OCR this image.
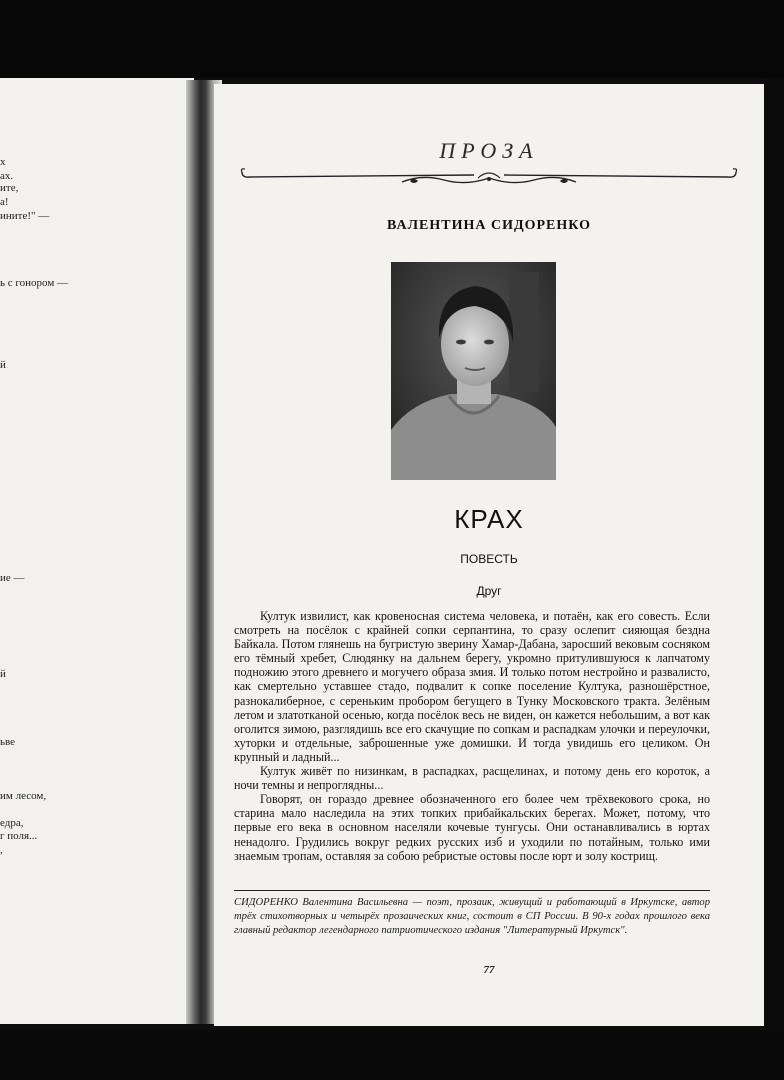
х

ах.

ите,

а!

ините!" —

ь с гонором —

й

ие —

й

ьве

им лесом,

едра,

г поля...

,

ПРОЗА
ВАЛЕНТИНА СИДОРЕНКО
КРАХ

ПОВЕСТЬ

Друг

Култук извилист, как кровеносная система человека, и потаён, как его совесть. Если смотреть на посёлок с крайней сопки серпантина, то сразу ослепит сияющая бездна Байкала. Потом глянешь на бугристую зверину Хамар-Дабана, заросший вековым сосняком его тёмный хребет, Слюдянку на дальнем берегу, укромно притулившуюся к лапчатому подножию этого древнего и могучего образа змия. И только потом нестройно и развалисто, как смертельно уставшее стадо, подвалит к сопке поселение Култука, разношёрстное, разнокалиберное, с сереньким пробором бегущего в Тунку Московского тракта. Зелёным летом и златотканой осенью, когда посёлок весь не виден, он кажется небольшим, а вот как оголится зимою, разглядишь все его скачущие по сопкам и распадкам улочки и переулочки, хуторки и отдельные, заброшенные уже домишки. И тогда увидишь его целиком. Он крупный и ладный...

Култук живёт по низинкам, в распадках, расщелинах, и потому день его короток, а ночи темны и непроглядны...

Говорят, он гораздо древнее обозначенного его более чем трёхвекового срока, но старина мало наследила на этих топких прибайкальских берегах. Может, потому, что первые его века в основном населяли кочевые тунгусы. Они останавливались в юртах ненадолго. Грудились вокруг редких русских изб и уходили по потайным, только ими знаемым тропам, оставляя за собою ребристые остовы после юрт и золу кострищ.

СИДОРЕНКО Валентина Васильевна — поэт, прозаик, живущий и работающий в Иркутске, автор трёх стихотворных и четырёх прозаических книг, состоит в СП России. В 90-х годах прошлого века главный редактор легендарного патриотического издания "Литературный Иркутск".

77
